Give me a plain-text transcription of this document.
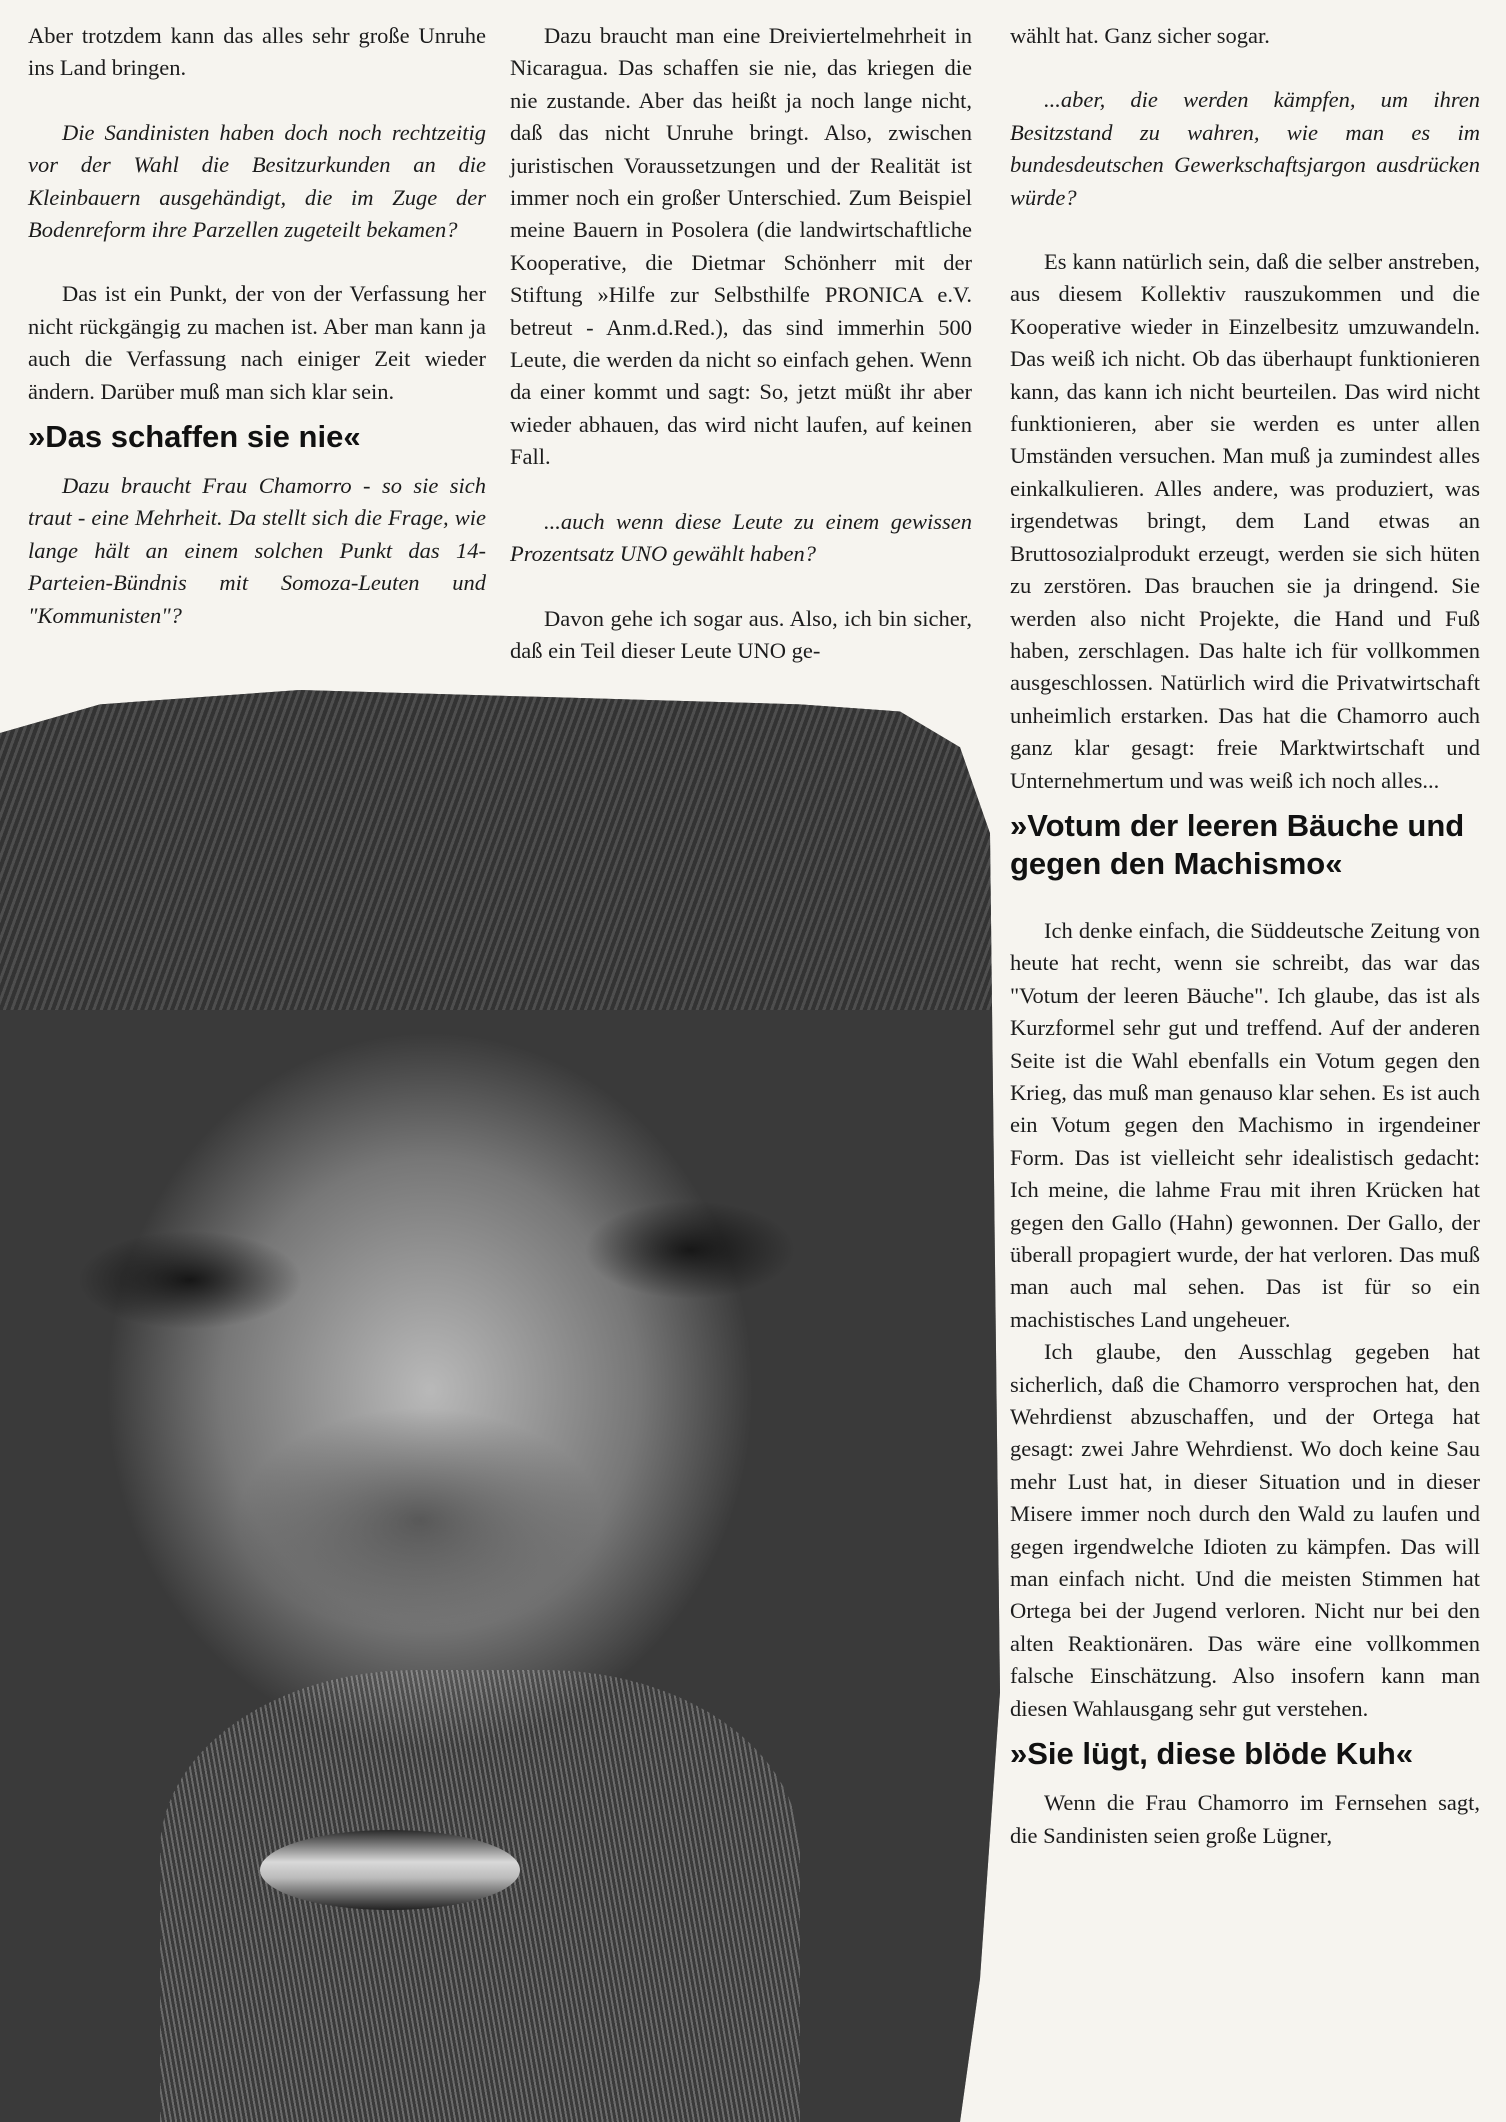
Aber trotzdem kann das alles sehr große Unruhe ins Land bringen.

Die Sandinisten haben doch noch rechtzeitig vor der Wahl die Besitzurkunden an die Kleinbauern ausgehändigt, die im Zuge der Bodenreform ihre Parzellen zugeteilt bekamen?

Das ist ein Punkt, der von der Verfassung her nicht rückgängig zu machen ist. Aber man kann ja auch die Verfassung nach einiger Zeit wieder ändern. Darüber muß man sich klar sein.

»Das schaffen sie nie«

Dazu braucht Frau Chamorro - so sie sich traut - eine Mehrheit. Da stellt sich die Frage, wie lange hält an einem solchen Punkt das 14-Parteien-Bündnis mit Somoza-Leuten und "Kommunisten"?

Dazu braucht man eine Dreiviertelmehrheit in Nicaragua. Das schaffen sie nie, das kriegen die nie zustande. Aber das heißt ja noch lange nicht, daß das nicht Unruhe bringt. Also, zwischen juristischen Voraussetzungen und der Realität ist immer noch ein großer Unterschied. Zum Beispiel meine Bauern in Posolera (die landwirtschaftliche Kooperative, die Dietmar Schönherr mit der Stiftung »Hilfe zur Selbsthilfe PRONICA e.V. betreut - Anm.d.Red.), das sind immerhin 500 Leute, die werden da nicht so einfach gehen. Wenn da einer kommt und sagt: So, jetzt müßt ihr aber wieder abhauen, das wird nicht laufen, auf keinen Fall.

...auch wenn diese Leute zu einem gewissen Prozentsatz UNO gewählt haben?

Davon gehe ich sogar aus. Also, ich bin sicher, daß ein Teil dieser Leute UNO ge-

wählt hat. Ganz sicher sogar.

...aber, die werden kämpfen, um ihren Besitzstand zu wahren, wie man es im bundesdeutschen Gewerkschaftsjargon ausdrücken würde?

Es kann natürlich sein, daß die selber anstreben, aus diesem Kollektiv rauszukommen und die Kooperative wieder in Einzelbesitz umzuwandeln. Das weiß ich nicht. Ob das überhaupt funktionieren kann, das kann ich nicht beurteilen. Das wird nicht funktionieren, aber sie werden es unter allen Umständen versuchen. Man muß ja zumindest alles einkalkulieren. Alles andere, was produziert, was irgendetwas bringt, dem Land etwas an Bruttosozialprodukt erzeugt, werden sie sich hüten zu zerstören. Das brauchen sie ja dringend. Sie werden also nicht Projekte, die Hand und Fuß haben, zerschlagen. Das halte ich für vollkommen ausgeschlossen. Natürlich wird die Privatwirtschaft unheimlich erstarken. Das hat die Chamorro auch ganz klar gesagt: freie Marktwirtschaft und Unternehmertum und was weiß ich noch alles...

»Votum der leeren Bäuche und gegen den Machismo«

Ich denke einfach, die Süddeutsche Zeitung von heute hat recht, wenn sie schreibt, das war das "Votum der leeren Bäuche". Ich glaube, das ist als Kurzformel sehr gut und treffend. Auf der anderen Seite ist die Wahl ebenfalls ein Votum gegen den Krieg, das muß man genauso klar sehen. Es ist auch ein Votum gegen den Machismo in irgendeiner Form. Das ist vielleicht sehr idealistisch gedacht: Ich meine, die lahme Frau mit ihren Krücken hat gegen den Gallo (Hahn) gewonnen. Der Gallo, der überall propagiert wurde, der hat verloren. Das muß man auch mal sehen. Das ist für so ein machistisches Land ungeheuer.

Ich glaube, den Ausschlag gegeben hat sicherlich, daß die Chamorro versprochen hat, den Wehrdienst abzuschaffen, und der Ortega hat gesagt: zwei Jahre Wehrdienst. Wo doch keine Sau mehr Lust hat, in dieser Situation und in dieser Misere immer noch durch den Wald zu laufen und gegen irgendwelche Idioten zu kämpfen. Das will man einfach nicht. Und die meisten Stimmen hat Ortega bei der Jugend verloren. Nicht nur bei den alten Reaktionären. Das wäre eine vollkommen falsche Einschätzung. Also insofern kann man diesen Wahlausgang sehr gut verstehen.

»Sie lügt, diese blöde Kuh«

Wenn die Frau Chamorro im Fernsehen sagt, die Sandinisten seien große Lügner,
